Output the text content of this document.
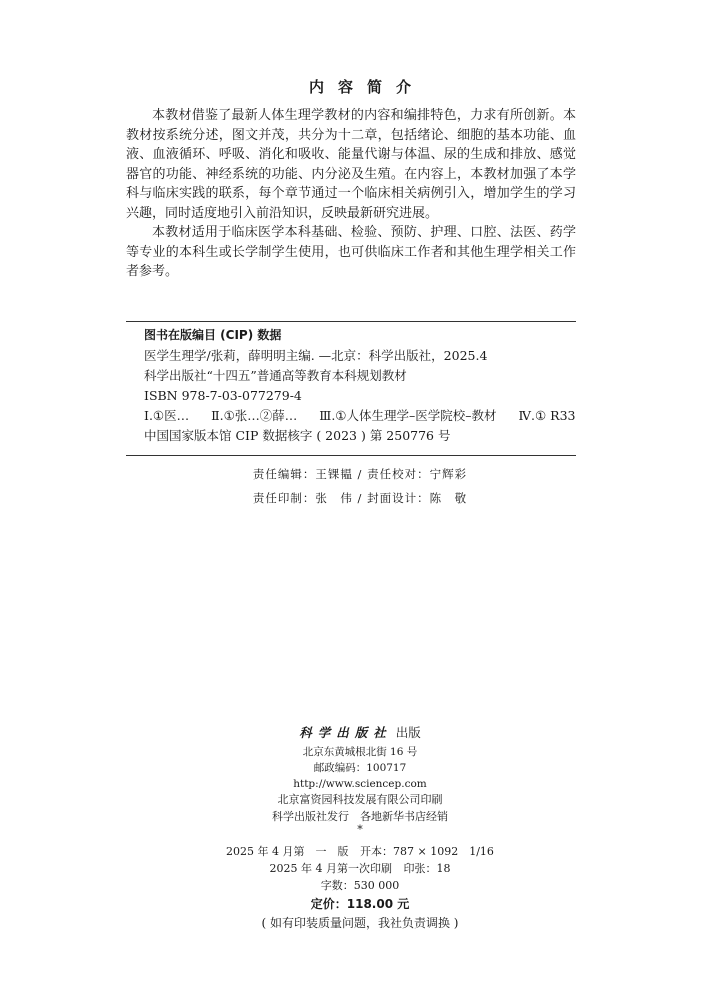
内容简介

本教材借鉴了最新人体生理学教材的内容和编排特色，力求有所创新。本教材按系统分述，图文并茂，共分为十二章，包括绪论、细胞的基本功能、血液、血液循环、呼吸、消化和吸收、能量代谢与体温、尿的生成和排放、感觉器官的功能、神经系统的功能、内分泌及生殖。在内容上，本教材加强了本学科与临床实践的联系，每个章节通过一个临床相关病例引入，增加学生的学习兴趣，同时适度地引入前沿知识，反映最新研究进展。

本教材适用于临床医学本科基础、检验、预防、护理、口腔、法医、药学等专业的本科生或长学制学生使用，也可供临床工作者和其他生理学相关工作者参考。

图书在版编目 (CIP) 数据
医学生理学/张莉，薛明明主编. —北京：科学出版社，2025.4
科学出版社“十四五”普通高等教育本科规划教材
ISBN 978-7-03-077279-4
Ⅰ.①医… Ⅱ.①张…②薛… Ⅲ.①人体生理学–医学院校–教材 Ⅳ.① R33
中国国家版本馆 CIP 数据核字 ( 2023 ) 第 250776 号
责任编辑：王锞韫 / 责任校对：宁辉彩
责任印制：张　伟 / 封面设计：陈　敬
科学出版社 出版
北京东黄城根北街 16 号
邮政编码：100717
http://www.sciencep.com
北京富资园科技发展有限公司印刷
科学出版社发行　各地新华书店经销
*
2025 年 4 月第　一　版 开本：787 × 1092　1/16
2025 年 4 月第一次印刷 印张：18
字数：530 000
定价：118.00 元
( 如有印装质量问题，我社负责调换 )
